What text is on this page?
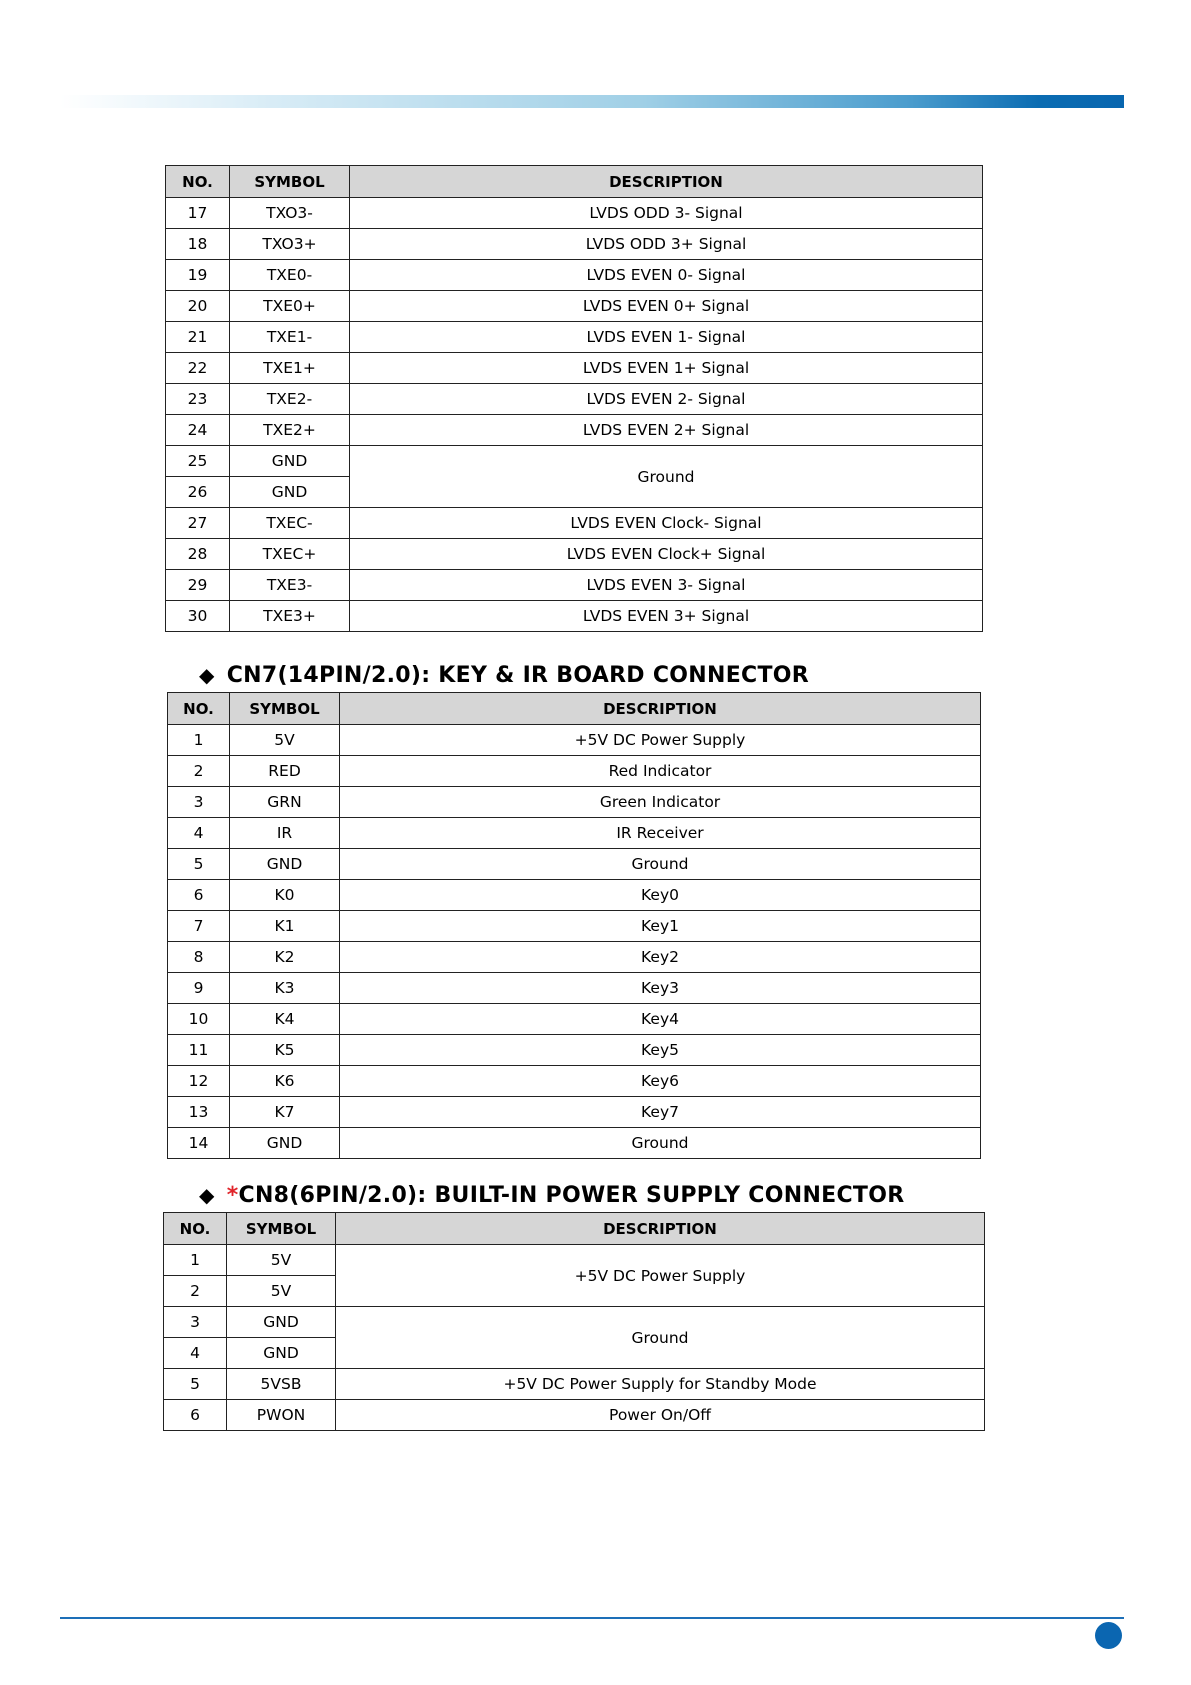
NO.	SYMBOL	DESCRIPTION
17	TXO3-	LVDS ODD 3- Signal
18	TXO3+	LVDS ODD 3+ Signal
19	TXE0-	LVDS EVEN 0- Signal
20	TXE0+	LVDS EVEN 0+ Signal
21	TXE1-	LVDS EVEN 1- Signal
22	TXE1+	LVDS EVEN 1+ Signal
23	TXE2-	LVDS EVEN 2- Signal
24	TXE2+	LVDS EVEN 2+ Signal
25	GND	Ground
26	GND	
27	TXEC-	LVDS EVEN Clock- Signal
28	TXEC+	LVDS EVEN Clock+ Signal
29	TXE3-	LVDS EVEN 3- Signal
30	TXE3+	LVDS EVEN 3+ Signal
◆ CN7(14PIN/2.0): KEY & IR BOARD CONNECTOR
NO.	SYMBOL	DESCRIPTION
1	5V	+5V DC Power Supply
2	RED	Red Indicator
3	GRN	Green Indicator
4	IR	IR Receiver
5	GND	Ground
6	K0	Key0
7	K1	Key1
8	K2	Key2
9	K3	Key3
10	K4	Key4
11	K5	Key5
12	K6	Key6
13	K7	Key7
14	GND	Ground
◆ *CN8(6PIN/2.0): BUILT-IN POWER SUPPLY CONNECTOR
NO.	SYMBOL	DESCRIPTION
1	5V	+5V DC Power Supply
2	5V	
3	GND	Ground
4	GND	
5	5VSB	+5V DC Power Supply for Standby Mode
6	PWON	Power On/Off
